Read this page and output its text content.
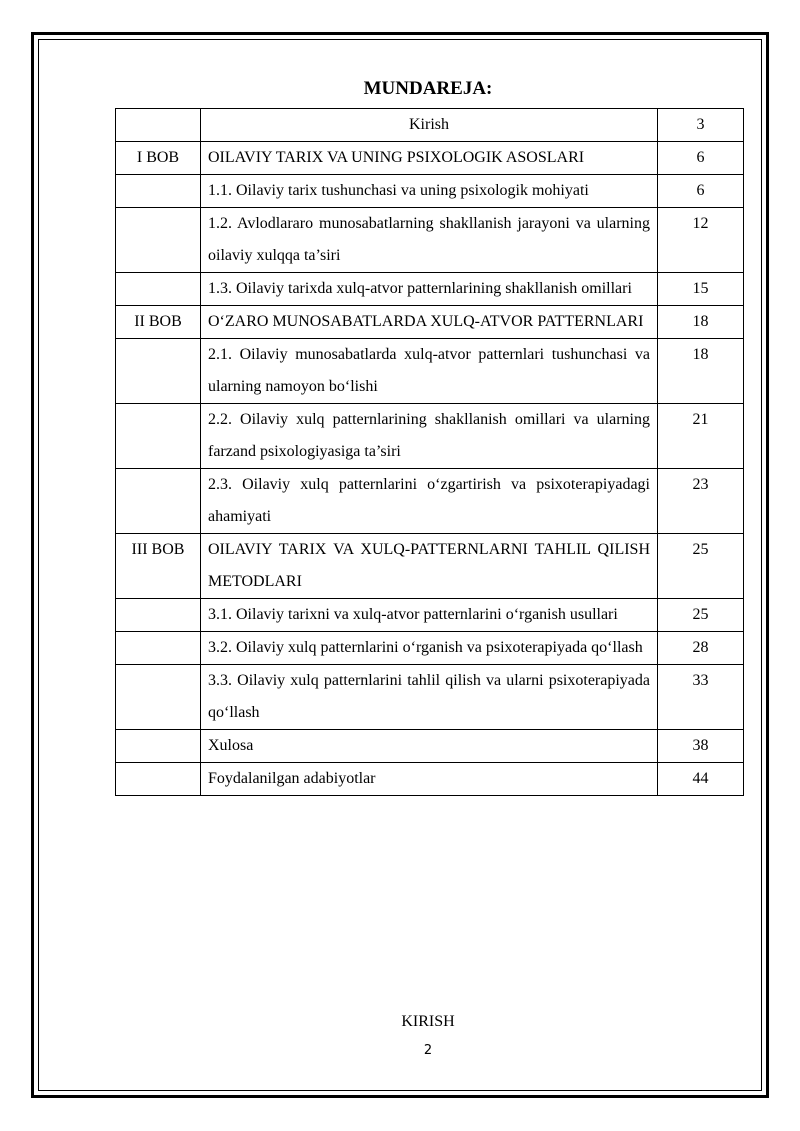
MUNDAREJA:
	Kirish	3
I BOB	OILAVIY TARIX VA UNING PSIXOLOGIK ASOSLARI	6
	1.1. Oilaviy tarix tushunchasi va uning psixologik mohiyati	6
	1.2. Avlodlararo munosabatlarning shakllanish jarayoni va ularning oilaviy xulqqa ta’siri	12
	1.3. Oilaviy tarixda xulq-atvor patternlarining shakllanish omillari	15
II BOB	O‘ZARO MUNOSABATLARDA XULQ-ATVOR PATTERNLARI	18
	2.1. Oilaviy munosabatlarda xulq-atvor patternlari tushunchasi va ularning namoyon bo‘lishi	18
	2.2. Oilaviy xulq patternlarining shakllanish omillari va ularning farzand psixologiyasiga ta’siri	21
	2.3. Oilaviy xulq patternlarini o‘zgartirish va psixoterapiyadagi ahamiyati	23
III BOB	OILAVIY TARIX VA XULQ-PATTERNLARNI TAHLIL QILISH METODLARI	25
	3.1. Oilaviy tarixni va xulq-atvor patternlarini o‘rganish usullari	25
	3.2. Oilaviy xulq patternlarini o‘rganish va psixoterapiyada qo‘llash	28
	3.3. Oilaviy xulq patternlarini tahlil qilish va ularni psixoterapiyada qo‘llash	33
	Xulosa	38
	Foydalanilgan adabiyotlar	44
KIRISH
2
